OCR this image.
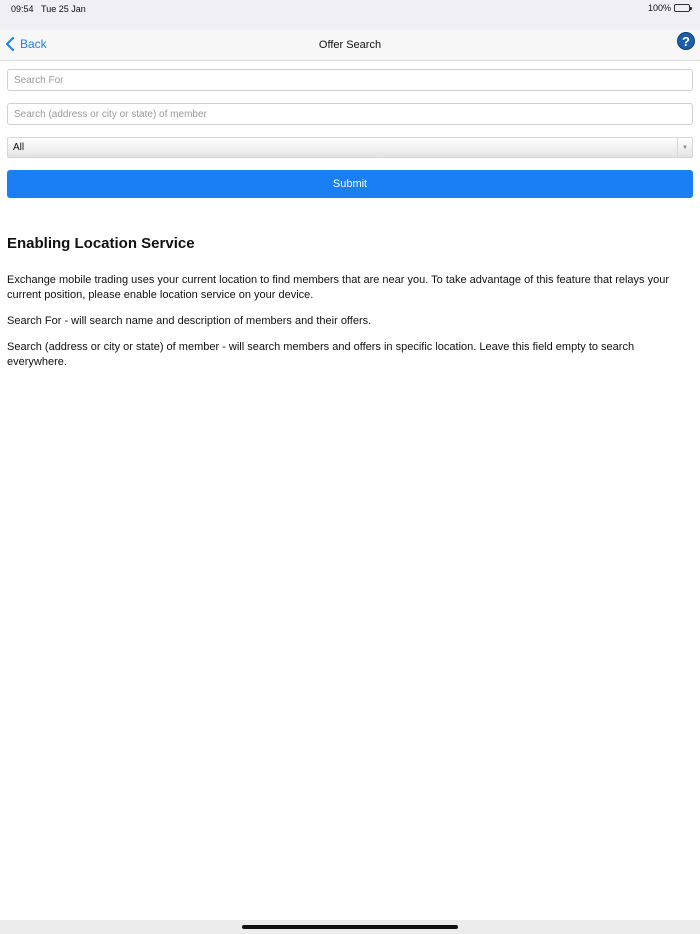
09:54 Tue 25 Jan	100%
Back	Offer Search	?
Search For
Search (address or city or state) of member
All	▼
Submit
Enabling Location Service

Exchange mobile trading uses your current location to find members that are near you. To take advantage of this feature that relays your current position, please enable location service on your device.

Search For - will search name and description of members and their offers.

Search (address or city or state) of member - will search members and offers in specific location. Leave this field empty to search everywhere.
